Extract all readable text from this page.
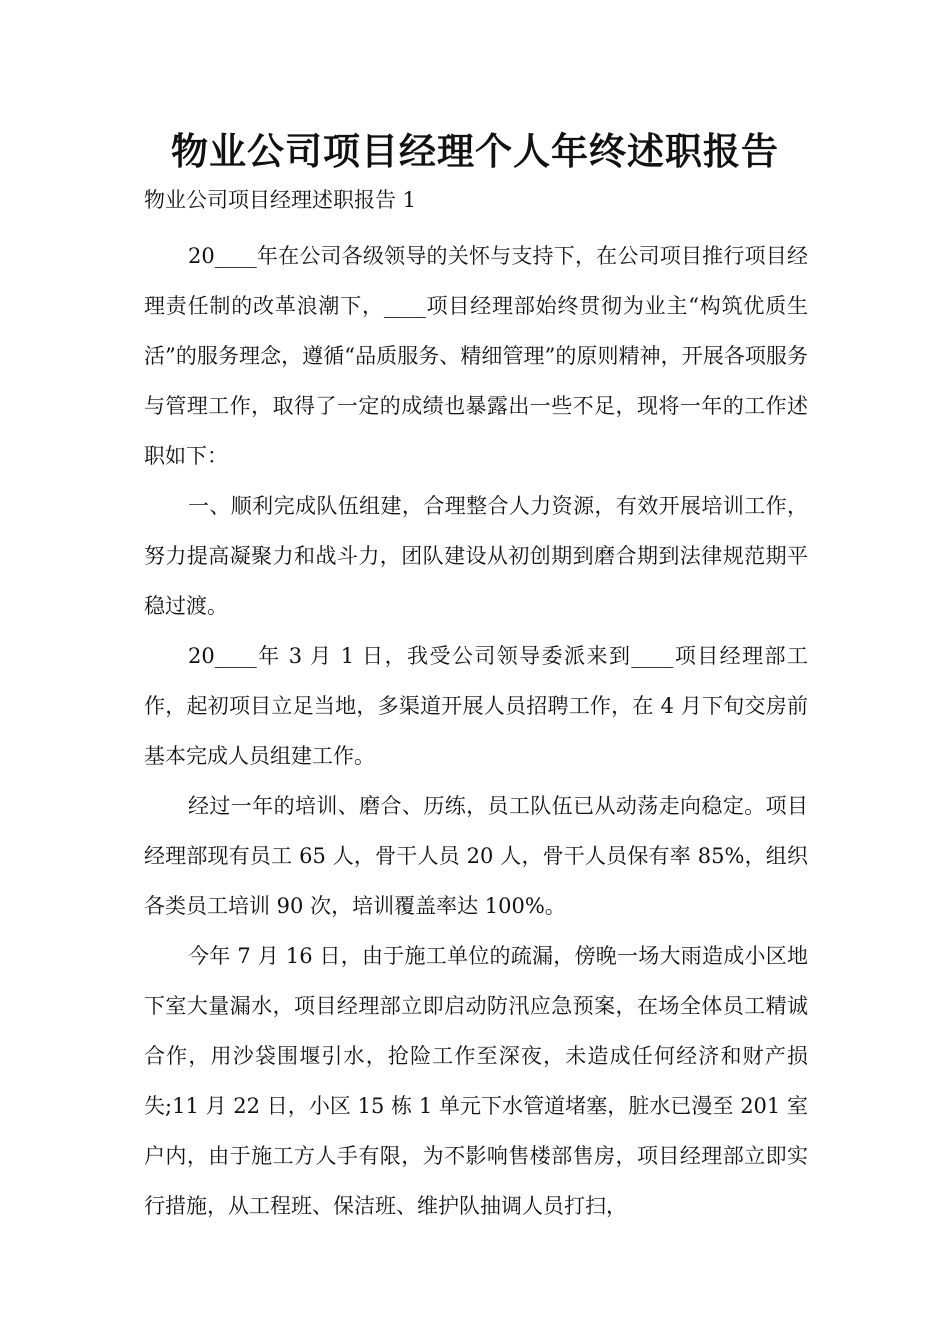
物业公司项目经理个人年终述职报告

物业公司项目经理述职报告 1

20____年在公司各级领导的关怀与支持下，在公司项目推行项目经理责任制的改革浪潮下，____项目经理部始终贯彻为业主“构筑优质生活”的服务理念，遵循“品质服务、精细管理”的原则精神，开展各项服务与管理工作，取得了一定的成绩也暴露出一些不足，现将一年的工作述职如下：

一、顺利完成队伍组建，合理整合人力资源，有效开展培训工作，努力提高凝聚力和战斗力，团队建设从初创期到磨合期到法律规范期平稳过渡。

20____年 3 月 1 日，我受公司领导委派来到____项目经理部工作，起初项目立足当地，多渠道开展人员招聘工作，在 4 月下旬交房前基本完成人员组建工作。

经过一年的培训、磨合、历练，员工队伍已从动荡走向稳定。项目经理部现有员工 65 人，骨干人员 20 人，骨干人员保有率 85%，组织各类员工培训 90 次，培训覆盖率达 100%。

今年 7 月 16 日，由于施工单位的疏漏，傍晚一场大雨造成小区地下室大量漏水，项目经理部立即启动防汛应急预案，在场全体员工精诚合作，用沙袋围堰引水，抢险工作至深夜，未造成任何经济和财产损失;11 月 22 日，小区 15 栋 1 单元下水管道堵塞，脏水已漫至 201 室户内，由于施工方人手有限，为不影响售楼部售房，项目经理部立即实行措施，从工程班、保洁班、维护队抽调人员打扫，
